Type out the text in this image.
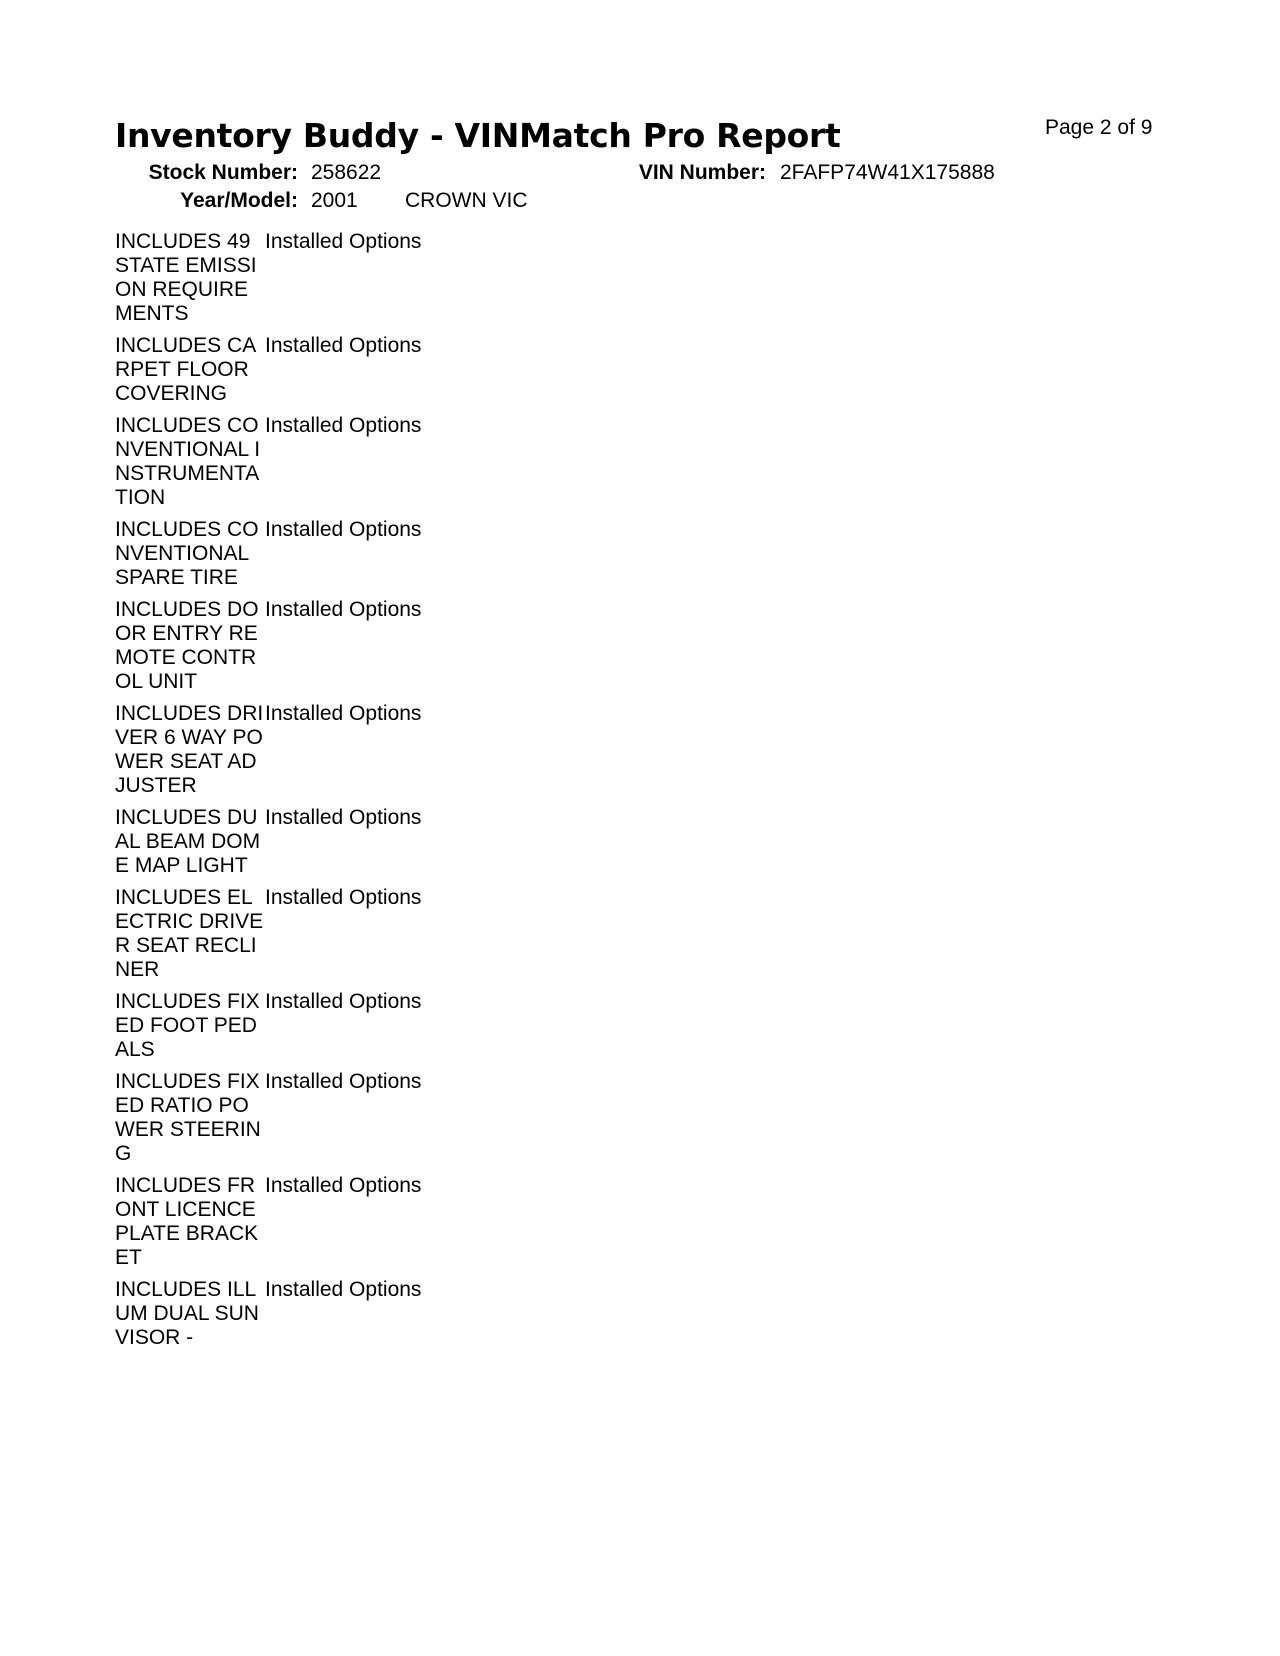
Inventory Buddy - VINMatch Pro Report	Page 2 of 9
Stock Number: 258622	VIN Number: 2FAFP74W41X175888
Year/Model: 2001 CROWN VIC
INCLUDES 49 STATE EMISSION REQUIREMENTS
Installed Options
INCLUDES CARPET FLOOR COVERING
Installed Options
INCLUDES CONVENTIONAL INSTRUMENTATION
Installed Options
INCLUDES CONVENTIONAL SPARE TIRE
Installed Options
INCLUDES DOOR ENTRY REMOTE CONTROL UNIT
Installed Options
INCLUDES DRIVER 6 WAY POWER SEAT ADJUSTER
Installed Options
INCLUDES DUAL BEAM DOME MAP LIGHT
Installed Options
INCLUDES ELECTRIC DRIVER SEAT RECLINER
Installed Options
INCLUDES FIXED FOOT PEDALS
Installed Options
INCLUDES FIXED RATIO POWER STEERING
Installed Options
INCLUDES FRONT LICENCE PLATE BRACKET
Installed Options
INCLUDES ILLUM DUAL SUNVISOR -
Installed Options
